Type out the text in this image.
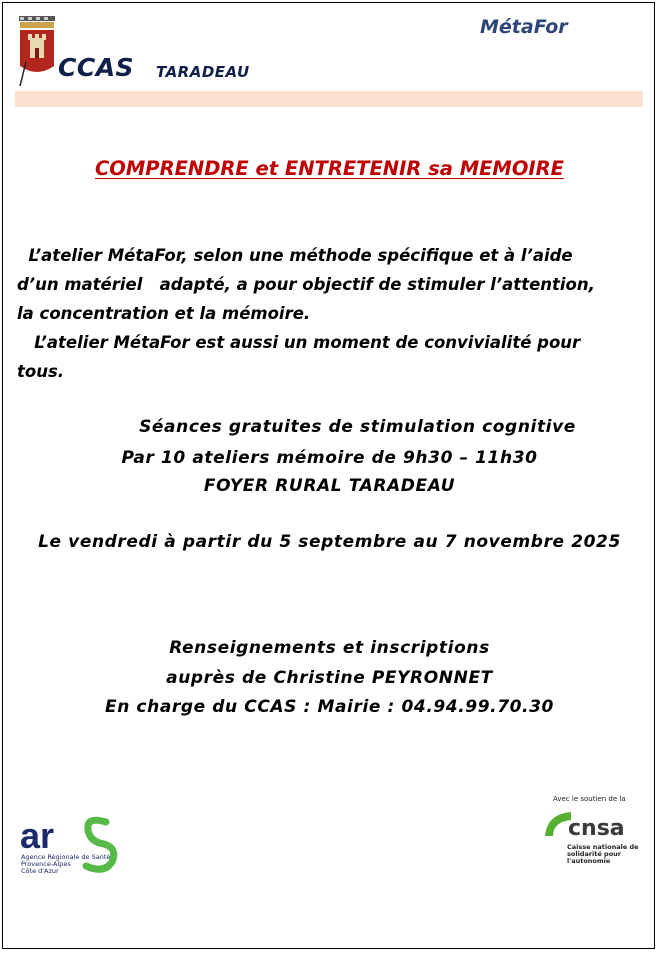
CCAS TARADEAU
MétaFor
COMPRENDRE et ENTRETENIR sa MEMOIRE

L’atelier MétaFor, selon une méthode spécifique et à l’aide

d’un matériel   adapté, a pour objectif de stimuler l’attention,

la concentration et la mémoire.

L’atelier MétaFor est aussi un moment de convivialité pour

tous.

Séances gratuites de stimulation cognitive
Par 10 ateliers mémoire de 9h30 – 11h30
FOYER RURAL TARADEAU
Le vendredi à partir du 5 septembre au 7 novembre 2025
Renseignements et inscriptions
auprès de Christine PEYRONNET
En charge du CCAS : Mairie : 04.94.99.70.30
ar
Agence Régionale de Santé
Provence-Alpes
Côte d'Azur
Avec le soutien de la
cnsa
Caisse nationale de
solidarité pour l'autonomie
